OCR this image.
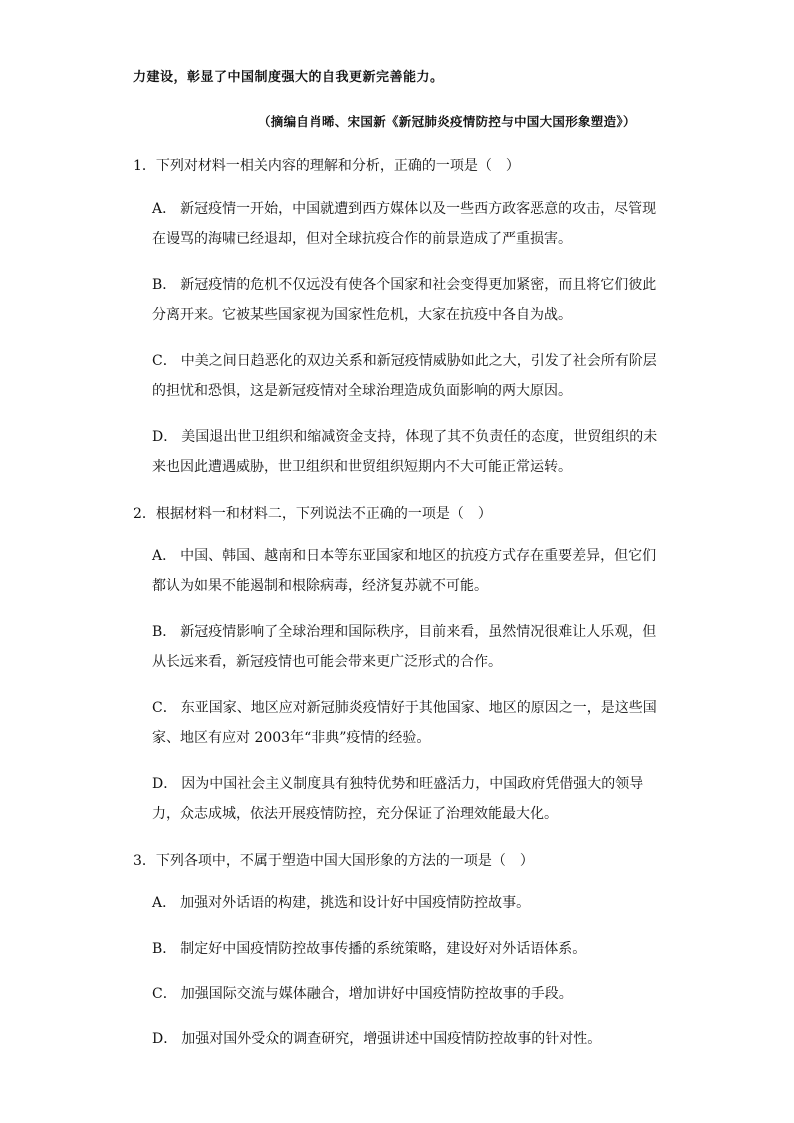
力建设，彰显了中国制度强大的自我更新完善能力。
（摘编自肖晞、宋国新《新冠肺炎疫情防控与中国大国形象塑造》）
1．下列对材料一相关内容的理解和分析，正确的一项是（　）
A． 新冠疫情一开始，中国就遭到西方媒体以及一些西方政客恶意的攻击，尽管现在谩骂的海啸已经退却，但对全球抗疫合作的前景造成了严重损害。
B． 新冠疫情的危机不仅远没有使各个国家和社会变得更加紧密，而且将它们彼此分离开来。它被某些国家视为国家性危机，大家在抗疫中各自为战。
C． 中美之间日趋恶化的双边关系和新冠疫情威胁如此之大，引发了社会所有阶层的担忧和恐惧，这是新冠疫情对全球治理造成负面影响的两大原因。
D． 美国退出世卫组织和缩减资金支持，体现了其不负责任的态度，世贸组织的未来也因此遭遇威胁，世卫组织和世贸组织短期内不大可能正常运转。
2．根据材料一和材料二，下列说法不正确的一项是（　）
A． 中国、韩国、越南和日本等东亚国家和地区的抗疫方式存在重要差异，但它们都认为如果不能遏制和根除病毒，经济复苏就不可能。
B． 新冠疫情影响了全球治理和国际秩序，目前来看，虽然情况很难让人乐观，但从长远来看，新冠疫情也可能会带来更广泛形式的合作。
C． 东亚国家、地区应对新冠肺炎疫情好于其他国家、地区的原因之一，是这些国家、地区有应对 2003年“非典”疫情的经验。
D． 因为中国社会主义制度具有独特优势和旺盛活力，中国政府凭借强大的领导力，众志成城，依法开展疫情防控，充分保证了治理效能最大化。
3．下列各项中，不属于塑造中国大国形象的方法的一项是（　）
A． 加强对外话语的构建，挑选和设计好中国疫情防控故事。
B． 制定好中国疫情防控故事传播的系统策略，建设好对外话语体系。
C． 加强国际交流与媒体融合，增加讲好中国疫情防控故事的手段。
D． 加强对国外受众的调查研究，增强讲述中国疫情防控故事的针对性。
